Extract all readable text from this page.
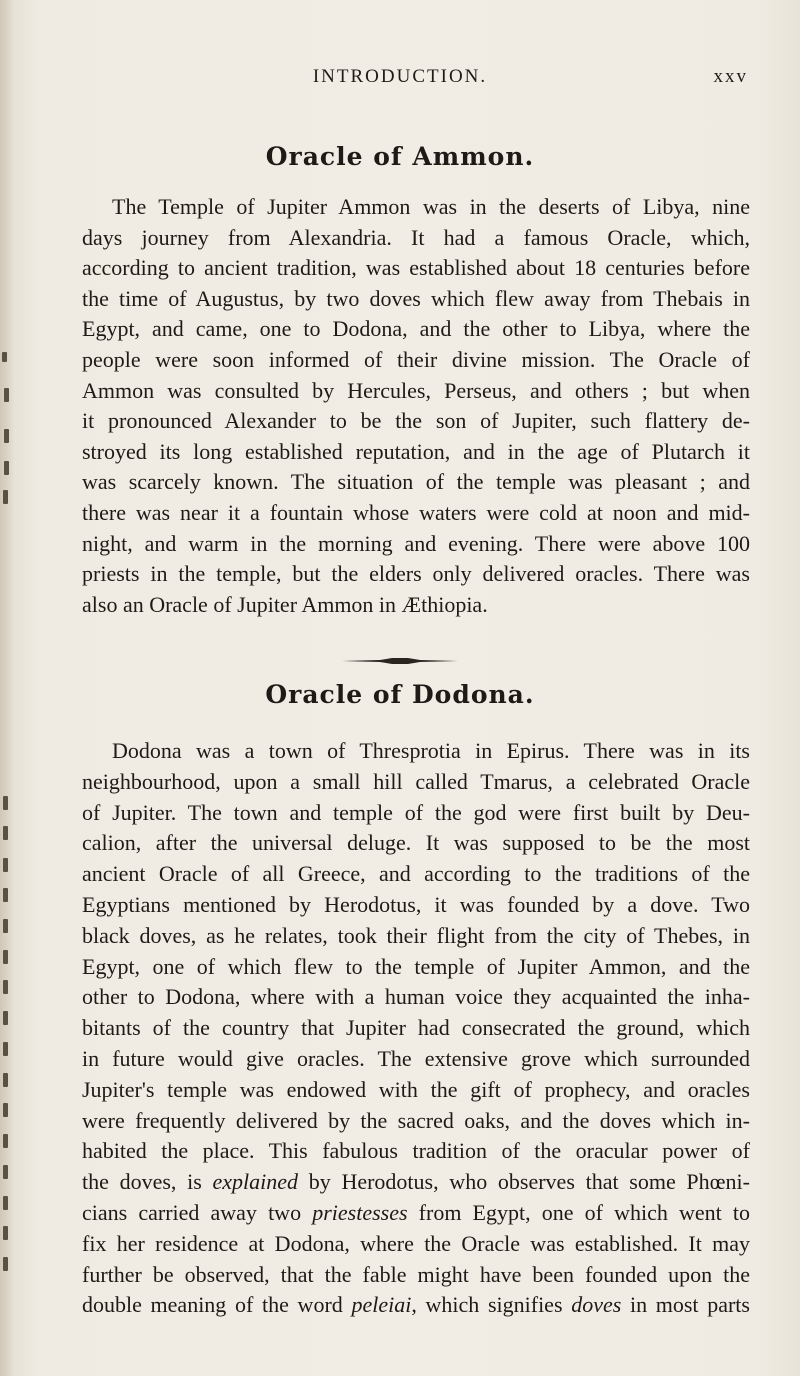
INTRODUCTION.	xxv
Oracle of Ammon.
The Temple of Jupiter Ammon was in the deserts of Libya, nine
days journey from Alexandria. It had a famous Oracle, which,
according to ancient tradition, was established about 18 centuries before
the time of Augustus, by two doves which flew away from Thebais in
Egypt, and came, one to Dodona, and the other to Libya, where the
people were soon informed of their divine mission. The Oracle of
Ammon was consulted by Hercules, Perseus, and others ; but when
it pronounced Alexander to be the son of Jupiter, such flattery de-
stroyed its long established reputation, and in the age of Plutarch it
was scarcely known. The situation of the temple was pleasant ; and
there was near it a fountain whose waters were cold at noon and mid-
night, and warm in the morning and evening. There were above 100
priests in the temple, but the elders only delivered oracles. There was
also an Oracle of Jupiter Ammon in Æthiopia.
Oracle of Dodona.
Dodona was a town of Thresprotia in Epirus. There was in its
neighbourhood, upon a small hill called Tmarus, a celebrated Oracle
of Jupiter. The town and temple of the god were first built by Deu-
calion, after the universal deluge. It was supposed to be the most
ancient Oracle of all Greece, and according to the traditions of the
Egyptians mentioned by Herodotus, it was founded by a dove. Two
black doves, as he relates, took their flight from the city of Thebes, in
Egypt, one of which flew to the temple of Jupiter Ammon, and the
other to Dodona, where with a human voice they acquainted the inha-
bitants of the country that Jupiter had consecrated the ground, which
in future would give oracles. The extensive grove which surrounded
Jupiter's temple was endowed with the gift of prophecy, and oracles
were frequently delivered by the sacred oaks, and the doves which in-
habited the place. This fabulous tradition of the oracular power of
the doves, is explained by Herodotus, who observes that some Phœni-
cians carried away two priestesses from Egypt, one of which went to
fix her residence at Dodona, where the Oracle was established. It may
further be observed, that the fable might have been founded upon the
double meaning of the word peleiai, which signifies doves in most parts
